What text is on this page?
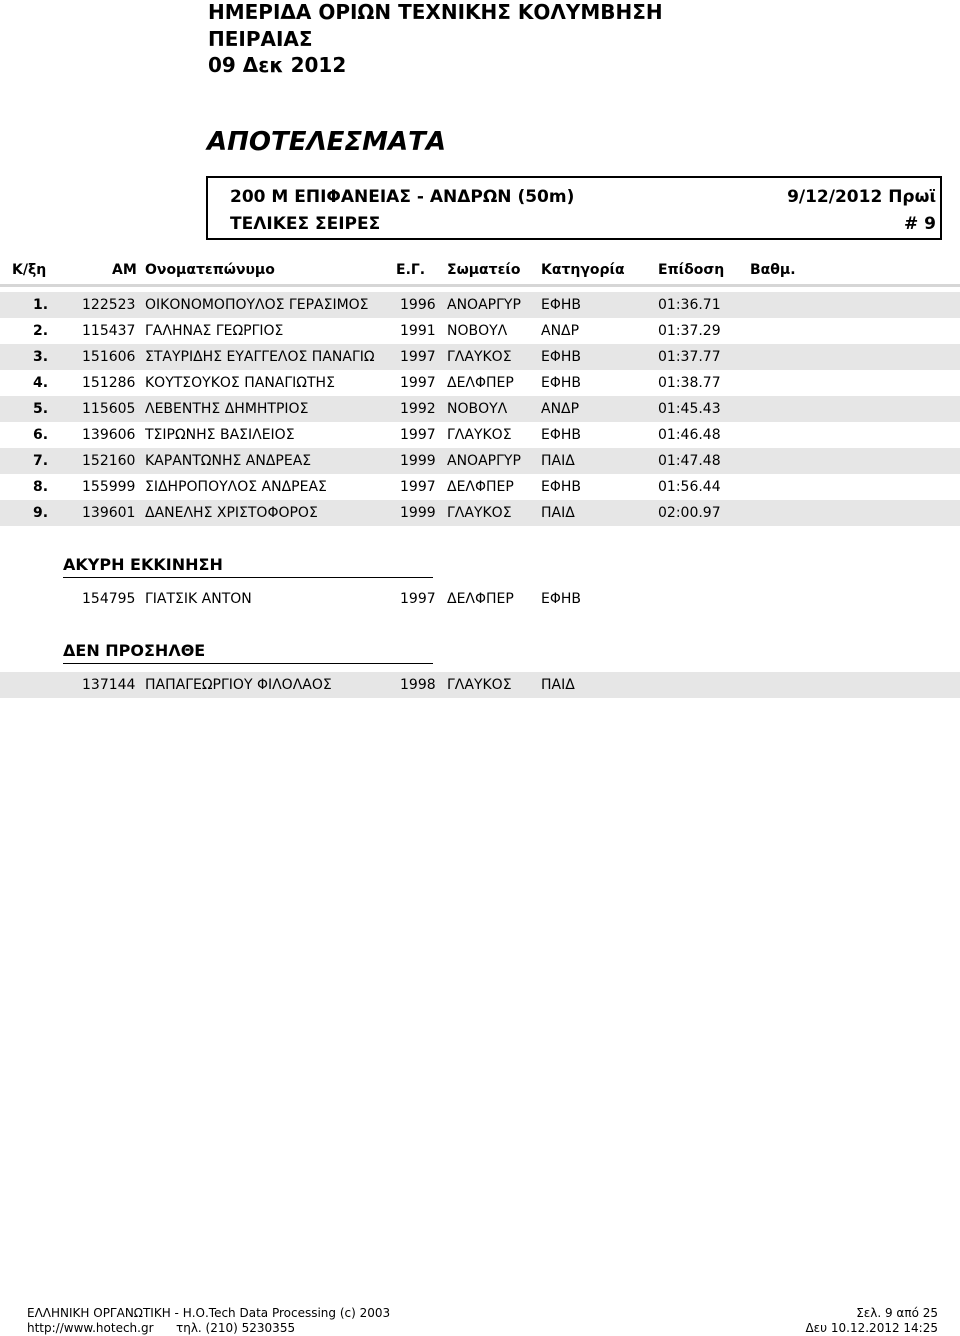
ΗΜΕΡΙΔΑ ΟΡΙΩΝ ΤΕΧΝΙΚΗΣ ΚΟΛΥΜΒΗΣΗ
ΠΕΙΡΑΙΑΣ
09 Δεκ 2012
ΑΠΟΤΕΛΕΣΜΑΤΑ
200 Μ ΕΠΙΦΑΝΕΙΑΣ - ΑΝΔΡΩΝ (50m)	9/12/2012 Πρωϊ
ΤΕΛΙΚΕΣ ΣΕΙΡΕΣ	# 9
Κ/ξη	ΑΜ Ονοματεπώνυμο	Ε.Γ. Σωματείο Κατηγορία Επίδοση Βαθμ.
1. 122523 ΟΙΚΟΝΟΜΟΠΟΥΛΟΣ ΓΕΡΑΣΙΜΟΣ	1996 ΑΝΟΑΡΓΥΡ ΕΦΗΒ	01:36.71
2. 115437 ΓΑΛΗΝΑΣ ΓΕΩΡΓΙΟΣ	1991 ΝΟΒΟΥΛ ΑΝΔΡ	01:37.29
3. 151606 ΣΤΑΥΡΙΔΗΣ ΕΥΑΓΓΕΛΟΣ ΠΑΝΑΓΙΩ	1997 ΓΛΑΥΚΟΣ ΕΦΗΒ	01:37.77
4. 151286 ΚΟΥΤΣΟΥΚΟΣ ΠΑΝΑΓΙΩΤΗΣ	1997 ΔΕΛΦΠΕΡ ΕΦΗΒ	01:38.77
5. 115605 ΛΕΒΕΝΤΗΣ ΔΗΜΗΤΡΙΟΣ	1992 ΝΟΒΟΥΛ ΑΝΔΡ	01:45.43
6. 139606 ΤΣΙΡΩΝΗΣ ΒΑΣΙΛΕΙΟΣ	1997 ΓΛΑΥΚΟΣ ΕΦΗΒ	01:46.48
7. 152160 ΚΑΡΑΝΤΩΝΗΣ ΑΝΔΡΕΑΣ	1999 ΑΝΟΑΡΓΥΡ ΠΑΙΔ	01:47.48
8. 155999 ΣΙΔΗΡΟΠΟΥΛΟΣ ΑΝΔΡΕΑΣ	1997 ΔΕΛΦΠΕΡ ΕΦΗΒ	01:56.44
9. 139601 ΔΑΝΕΛΗΣ ΧΡΙΣΤΟΦΟΡΟΣ	1999 ΓΛΑΥΚΟΣ ΠΑΙΔ	02:00.97
ΑΚΥΡΗ ΕΚΚΙΝΗΣΗ
154795 ΓΙΑΤΣΙΚ ΑΝΤΟΝ	1997 ΔΕΛΦΠΕΡ ΕΦΗΒ
ΔΕΝ ΠΡΟΣΗΛΘΕ
137144 ΠΑΠΑΓΕΩΡΓΙΟΥ ΦΙΛΟΛΑΟΣ	1998 ΓΛΑΥΚΟΣ ΠΑΙΔ
ΕΛΛΗΝΙΚΗ ΟΡΓΑΝΩΤΙΚΗ - Η.Ο.Tech Data Processing (c) 2003
http://www.hotech.gr τηλ. (210) 5230355
Σελ. 9 από 25
Δευ 10.12.2012 14:25
